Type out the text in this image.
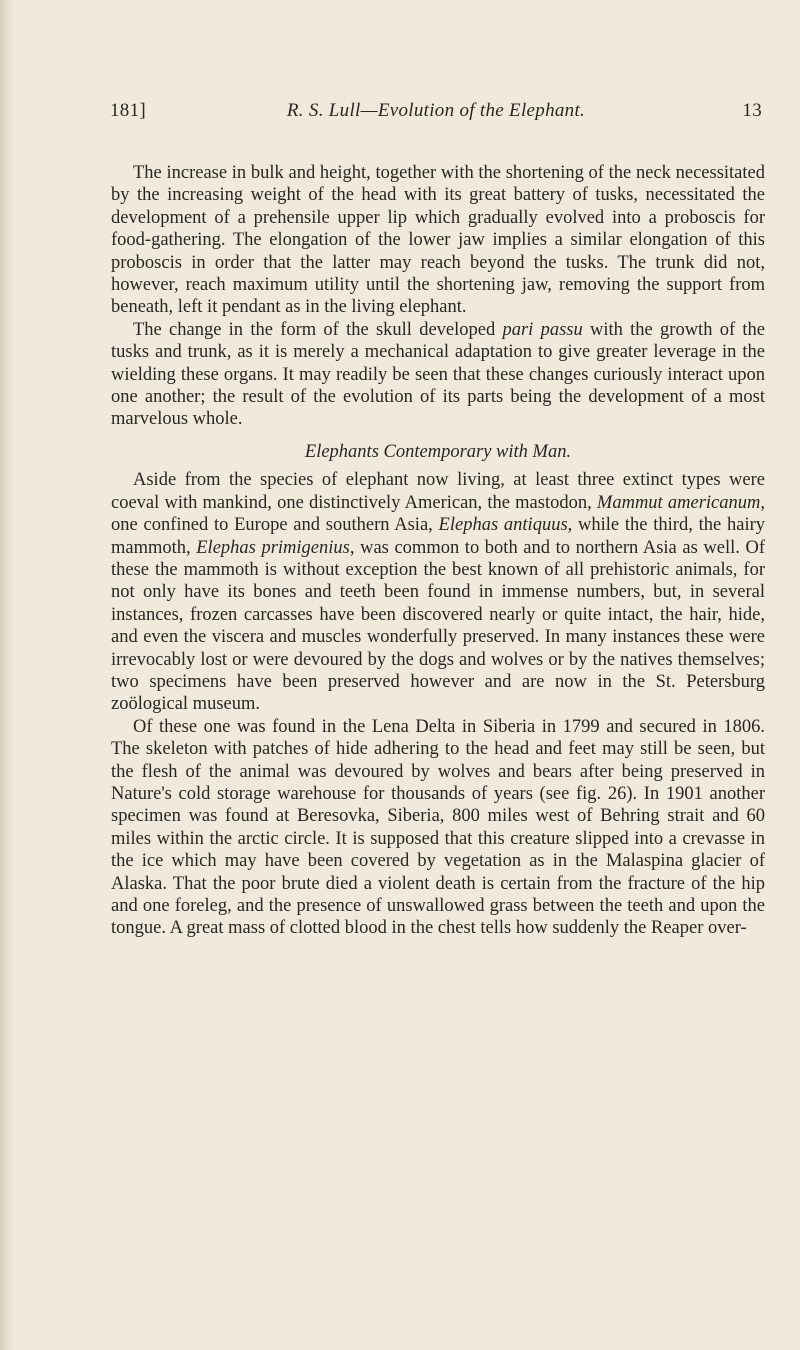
181]	R. S. Lull—Evolution of the Elephant.	13

The increase in bulk and height, together with the shortening of the neck necessitated by the increasing weight of the head with its great battery of tusks, necessitated the development of a prehensile upper lip which gradually evolved into a proboscis for food-gathering. The elongation of the lower jaw implies a similar elongation of this proboscis in order that the latter may reach beyond the tusks. The trunk did not, however, reach maximum utility until the shortening jaw, removing the support from beneath, left it pendant as in the living elephant.

The change in the form of the skull developed pari passu with the growth of the tusks and trunk, as it is merely a mechanical adaptation to give greater leverage in the wielding these organs. It may readily be seen that these changes curiously interact upon one another; the result of the evolution of its parts being the development of a most marvelous whole.

Elephants Contemporary with Man.

Aside from the species of elephant now living, at least three extinct types were coeval with mankind, one distinctively American, the mastodon, Mammut americanum, one confined to Europe and southern Asia, Elephas antiquus, while the third, the hairy mammoth, Elephas primigenius, was common to both and to northern Asia as well. Of these the mammoth is without exception the best known of all prehistoric animals, for not only have its bones and teeth been found in immense numbers, but, in several instances, frozen carcasses have been discovered nearly or quite intact, the hair, hide, and even the viscera and muscles wonderfully preserved. In many instances these were irrevocably lost or were devoured by the dogs and wolves or by the natives themselves; two specimens have been preserved however and are now in the St. Petersburg zoölogical museum.

Of these one was found in the Lena Delta in Siberia in 1799 and secured in 1806. The skeleton with patches of hide adhering to the head and feet may still be seen, but the flesh of the animal was devoured by wolves and bears after being preserved in Nature's cold storage warehouse for thousands of years (see fig. 26). In 1901 another specimen was found at Beresovka, Siberia, 800 miles west of Behring strait and 60 miles within the arctic circle. It is supposed that this creature slipped into a crevasse in the ice which may have been covered by vegetation as in the Malaspina glacier of Alaska. That the poor brute died a violent death is certain from the fracture of the hip and one foreleg, and the presence of unswallowed grass between the teeth and upon the tongue. A great mass of clotted blood in the chest tells how suddenly the Reaper over-
